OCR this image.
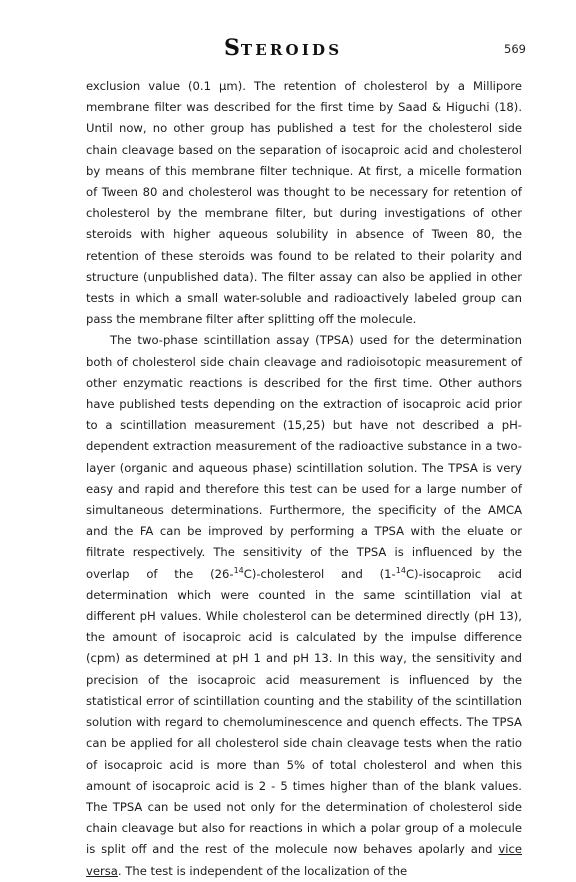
STEROIDS	569

exclusion value (0.1 µm). The retention of cholesterol by a Millipore membrane filter was described for the first time by Saad & Higuchi (18). Until now, no other group has published a test for the cholesterol side chain cleavage based on the separation of isocaproic acid and cholesterol by means of this membrane filter technique. At first, a micelle formation of Tween 80 and cholesterol was thought to be necessary for retention of cholesterol by the membrane filter, but during investigations of other steroids with higher aqueous solubility in absence of Tween 80, the retention of these steroids was found to be related to their polarity and structure (unpublished data). The filter assay can also be applied in other tests in which a small water-soluble and radioactively labeled group can pass the membrane filter after splitting off the molecule.

The two-phase scintillation assay (TPSA) used for the determination both of cholesterol side chain cleavage and radioisotopic measurement of other enzymatic reactions is described for the first time. Other authors have published tests depending on the extraction of isocaproic acid prior to a scintillation measurement (15,25) but have not described a pH-dependent extraction measurement of the radioactive substance in a two-layer (organic and aqueous phase) scintillation solution. The TPSA is very easy and rapid and therefore this test can be used for a large number of simultaneous determinations. Furthermore, the specificity of the AMCA and the FA can be improved by performing a TPSA with the eluate or filtrate respectively. The sensitivity of the TPSA is influenced by the overlap of the (26-$^{14}$C)-cholesterol and (1-$^{14}$C)-isocaproic acid determination which were counted in the same scintillation vial at different pH values. While cholesterol can be determined directly (pH 13), the amount of isocaproic acid is calculated by the impulse difference (cpm) as determined at pH 1 and pH 13. In this way, the sensitivity and precision of the isocaproic acid measurement is influenced by the statistical error of scintillation counting and the stability of the scintillation solution with regard to chemoluminescence and quench effects. The TPSA can be applied for all cholesterol side chain cleavage tests when the ratio of isocaproic acid is more than 5% of total cholesterol and when this amount of isocaproic acid is 2 - 5 times higher than of the blank values. The TPSA can be used not only for the determination of cholesterol side chain cleavage but also for reactions in which a polar group of a molecule is split off and the rest of the molecule now behaves apolarly and vice versa. The test is independent of the localization of the
